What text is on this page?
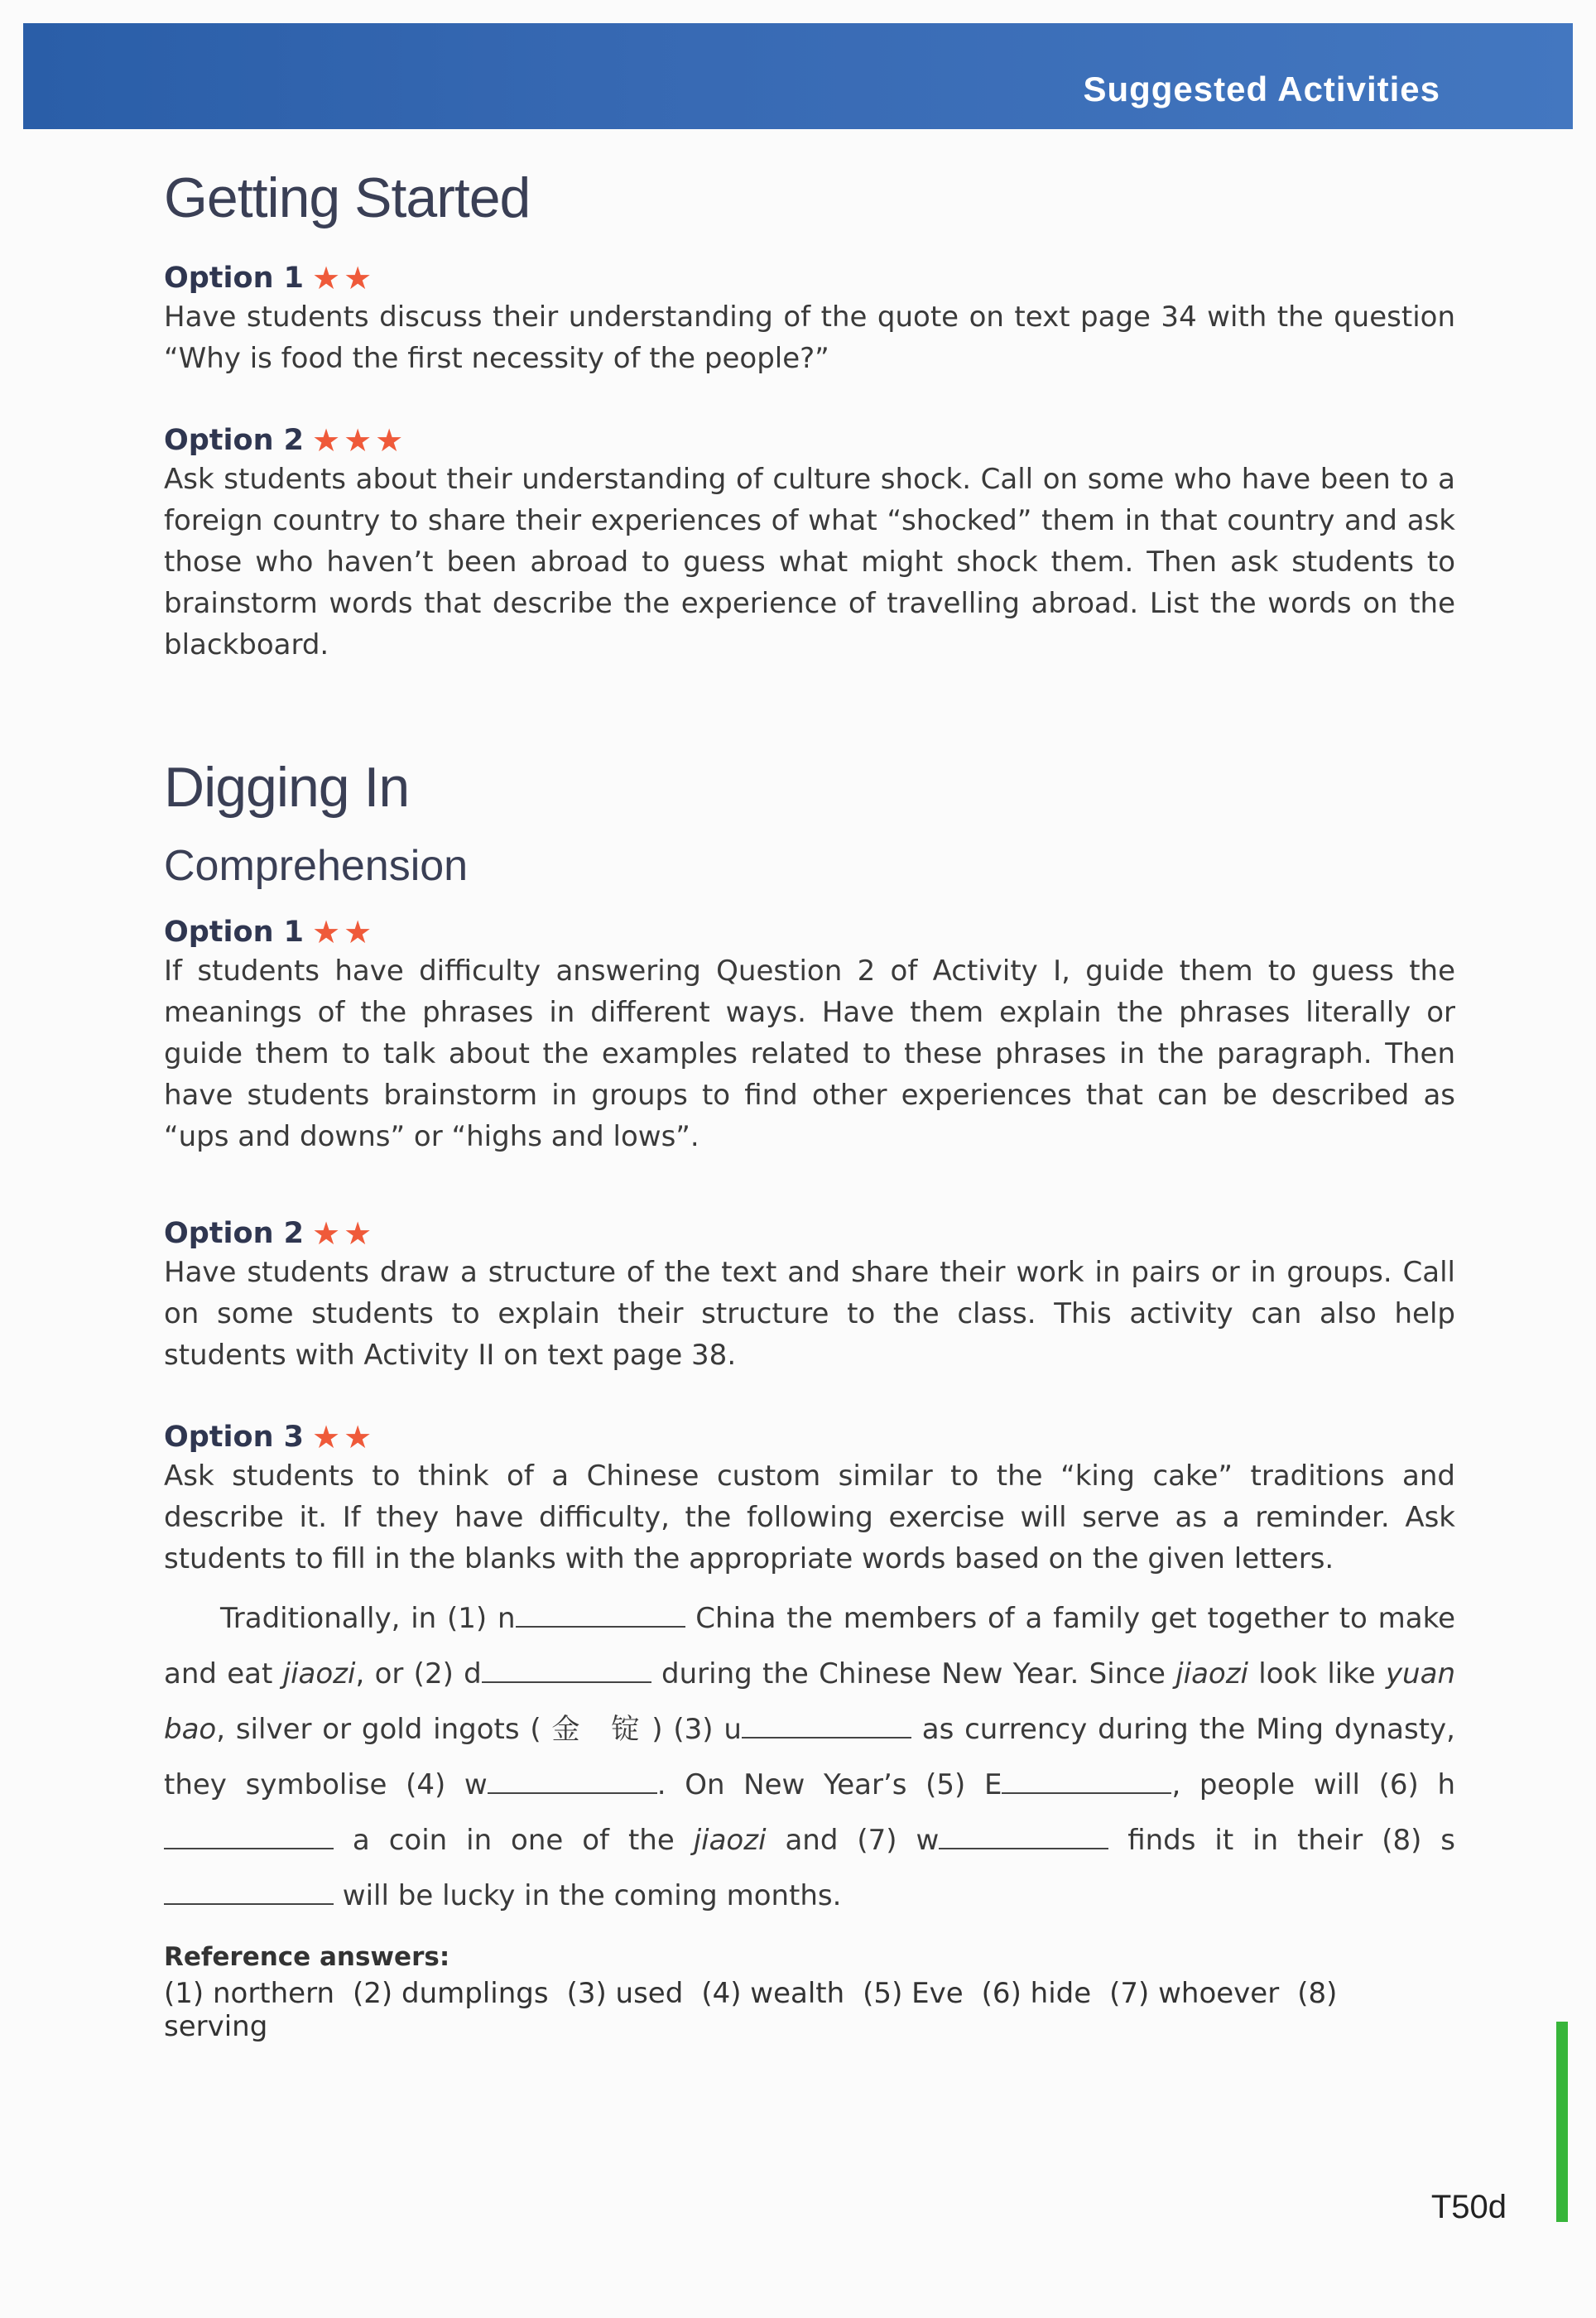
Suggested Activities
Getting Started

Option 1 ★★

Have students discuss their understanding of the quote on text page 34 with the question “Why is food the first necessity of the people?”

Option 2 ★★★

Ask students about their understanding of culture shock. Call on some who have been to a foreign country to share their experiences of what “shocked” them in that country and ask those who haven’t been abroad to guess what might shock them. Then ask students to brainstorm words that describe the experience of travelling abroad. List the words on the blackboard.

Digging In
Comprehension

Option 1 ★★

If students have difficulty answering Question 2 of Activity I, guide them to guess the meanings of the phrases in different ways. Have them explain the phrases literally or guide them to talk about the examples related to these phrases in the paragraph. Then have students brainstorm in groups to find other experiences that can be described as “ups and downs” or “highs and lows”.

Option 2 ★★

Have students draw a structure of the text and share their work in pairs or in groups. Call on some students to explain their structure to the class. This activity can also help students with Activity II on text page 38.

Option 3 ★★

Ask students to think of a Chinese custom similar to the “king cake” traditions and describe it. If they have difficulty, the following exercise will serve as a reminder. Ask students to fill in the blanks with the appropriate words based on the given letters.

Traditionally, in (1) n	China the members of a family get together to make and eat jiaozi, or (2) d	during the Chinese New Year. Since jiaozi look like yuan bao, silver or gold ingots ( 金　锭 ) (3) u	as currency during the Ming dynasty, they symbolise (4) w	. On New Year’s (5) E	, people will (6) h a coin in one of the jiaozi and (7) w	finds it in their (8) s will be lucky in the coming months.

Reference answers:

(1) northern (2) dumplings (3) used (4) wealth (5) Eve (6) hide (7) whoever (8) serving

T50d
